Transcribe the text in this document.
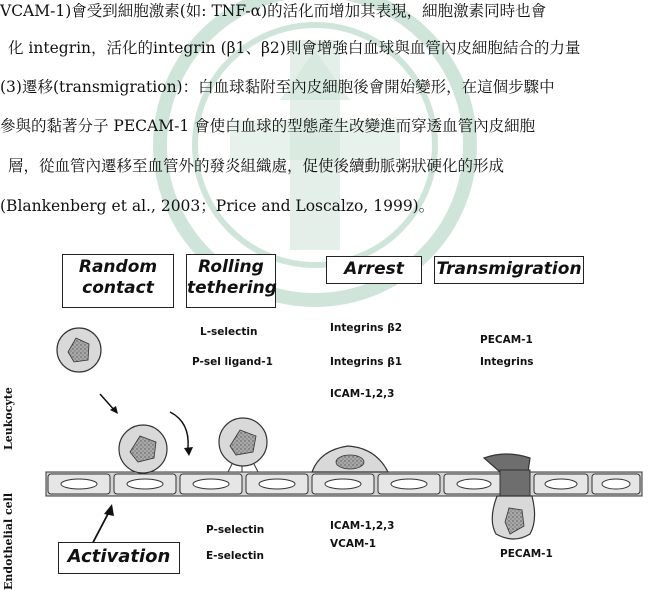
VCAM-1)會受到細胞激素(如: TNF-α)的活化而增加其表現，細胞激素同時也會
化 integrin，活化的integrin (β1、β2)則會增強白血球與血管內皮細胞結合的力量
(3)遷移(transmigration)：白血球黏附至內皮細胞後會開始變形，在這個步驟中
參與的黏著分子 PECAM-1 會使白血球的型態產生改變進而穿透血管內皮細胞
層，從血管內遷移至血管外的發炎組織處，促使後續動脈粥狀硬化的形成
(Blankenberg et al., 2003；Price and Loscalzo, 1999)。
Random
contact
Rolling
tethering
Arrest	Transmigration
Activation
L-selectin
P-sel ligand-1
Integrins β2
Integrins β1
ICAM-1,2,3
PECAM-1
Integrins
P-selectin
E-selectin
ICAM-1,2,3
VCAM-1
PECAM-1
Leukocyte
Endothelial cell
